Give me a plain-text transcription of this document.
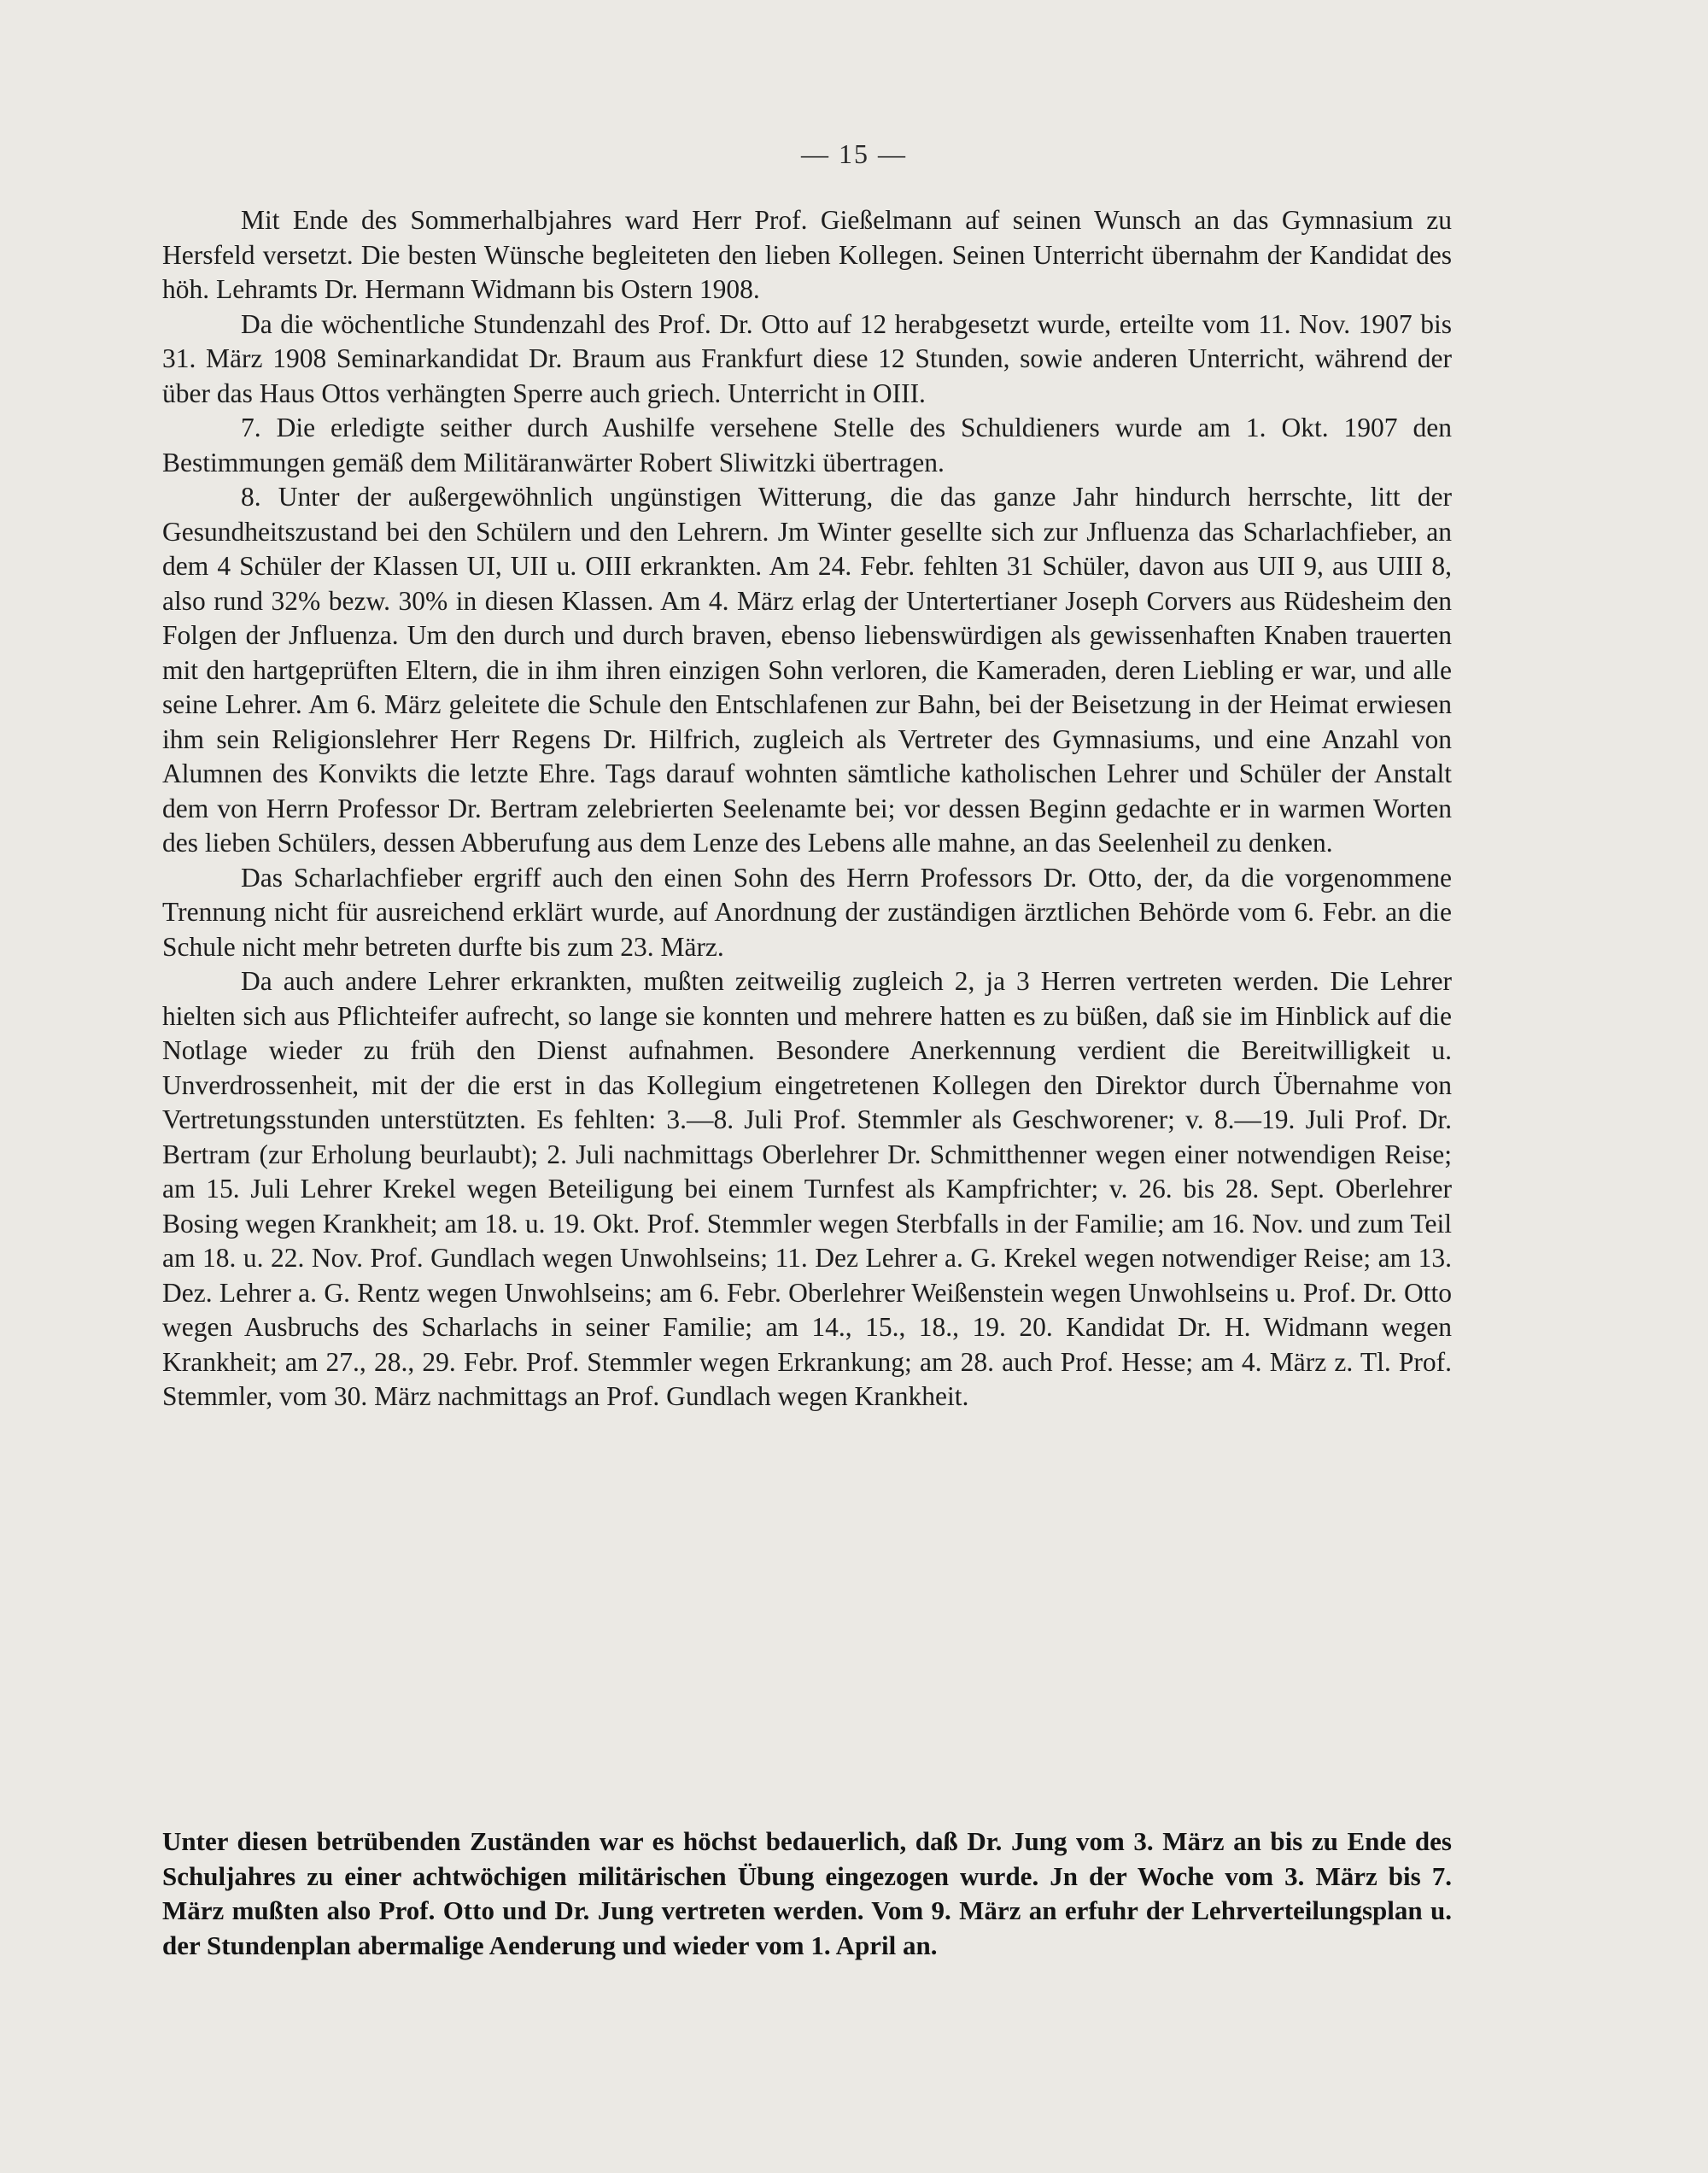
— 15 —

Mit Ende des Sommerhalbjahres ward Herr Prof. Gießelmann auf seinen Wunsch an das Gymnasium zu Hersfeld versetzt. Die besten Wünsche begleiteten den lieben Kollegen. Seinen Unterricht übernahm der Kandidat des höh. Lehramts Dr. Hermann Widmann bis Ostern 1908.

Da die wöchentliche Stundenzahl des Prof. Dr. Otto auf 12 herabgesetzt wurde, erteilte vom 11. Nov. 1907 bis 31. März 1908 Seminarkandidat Dr. Braum aus Frankfurt diese 12 Stunden, sowie anderen Unterricht, während der über das Haus Ottos verhängten Sperre auch griech. Unterricht in OIII.

7. Die erledigte seither durch Aushilfe versehene Stelle des Schuldieners wurde am 1. Okt. 1907 den Bestimmungen gemäß dem Militäranwärter Robert Sliwitzki übertragen.

8. Unter der außergewöhnlich ungünstigen Witterung, die das ganze Jahr hindurch herrschte, litt der Gesundheitszustand bei den Schülern und den Lehrern. Jm Winter gesellte sich zur Jnfluenza das Scharlachfieber, an dem 4 Schüler der Klassen UI, UII u. OIII erkrankten. Am 24. Febr. fehlten 31 Schüler, davon aus UII 9, aus UIII 8, also rund 32% bezw. 30% in diesen Klassen. Am 4. März erlag der Untertertianer Joseph Corvers aus Rüdesheim den Folgen der Jnfluenza. Um den durch und durch braven, ebenso liebenswürdigen als gewissenhaften Knaben trauerten mit den hartgeprüften Eltern, die in ihm ihren einzigen Sohn verloren, die Kameraden, deren Liebling er war, und alle seine Lehrer. Am 6. März geleitete die Schule den Entschlafenen zur Bahn, bei der Beisetzung in der Heimat erwiesen ihm sein Religionslehrer Herr Regens Dr. Hilfrich, zugleich als Vertreter des Gymnasiums, und eine Anzahl von Alumnen des Konvikts die letzte Ehre. Tags darauf wohnten sämtliche katholischen Lehrer und Schüler der Anstalt dem von Herrn Professor Dr. Bertram zelebrierten Seelenamte bei; vor dessen Beginn gedachte er in warmen Worten des lieben Schülers, dessen Abberufung aus dem Lenze des Lebens alle mahne, an das Seelenheil zu denken.

Das Scharlachfieber ergriff auch den einen Sohn des Herrn Professors Dr. Otto, der, da die vorgenommene Trennung nicht für ausreichend erklärt wurde, auf Anordnung der zuständigen ärztlichen Behörde vom 6. Febr. an die Schule nicht mehr betreten durfte bis zum 23. März.

Da auch andere Lehrer erkrankten, mußten zeitweilig zugleich 2, ja 3 Herren vertreten werden. Die Lehrer hielten sich aus Pflichteifer aufrecht, so lange sie konnten und mehrere hatten es zu büßen, daß sie im Hinblick auf die Notlage wieder zu früh den Dienst aufnahmen. Besondere Anerkennung verdient die Bereitwilligkeit u. Unverdrossenheit, mit der die erst in das Kollegium eingetretenen Kollegen den Direktor durch Übernahme von Vertretungsstunden unterstützten. Es fehlten: 3.—8. Juli Prof. Stemmler als Geschworener; v. 8.—19. Juli Prof. Dr. Bertram (zur Erholung beurlaubt); 2. Juli nachmittags Oberlehrer Dr. Schmitthenner wegen einer notwendigen Reise; am 15. Juli Lehrer Krekel wegen Beteiligung bei einem Turnfest als Kampfrichter; v. 26. bis 28. Sept. Oberlehrer Bosing wegen Krankheit; am 18. u. 19. Okt. Prof. Stemmler wegen Sterbfalls in der Familie; am 16. Nov. und zum Teil am 18. u. 22. Nov. Prof. Gundlach wegen Unwohlseins; 11. Dez Lehrer a. G. Krekel wegen notwendiger Reise; am 13. Dez. Lehrer a. G. Rentz wegen Unwohlseins; am 6. Febr. Oberlehrer Weißenstein wegen Unwohlseins u. Prof. Dr. Otto wegen Ausbruchs des Scharlachs in seiner Familie; am 14., 15., 18., 19. 20. Kandidat Dr. H. Widmann wegen Krankheit; am 27., 28., 29. Febr. Prof. Stemmler wegen Erkrankung; am 28. auch Prof. Hesse; am 4. März z. Tl. Prof. Stemmler, vom 30. März nachmittags an Prof. Gundlach wegen Krankheit.

Unter diesen betrübenden Zuständen war es höchst bedauerlich, daß Dr. Jung vom 3. März an bis zu Ende des Schuljahres zu einer achtwöchigen militärischen Übung eingezogen wurde. Jn der Woche vom 3. März bis 7. März mußten also Prof. Otto und Dr. Jung vertreten werden. Vom 9. März an erfuhr der Lehrverteilungsplan u. der Stundenplan abermalige Aenderung und wieder vom 1. April an.
